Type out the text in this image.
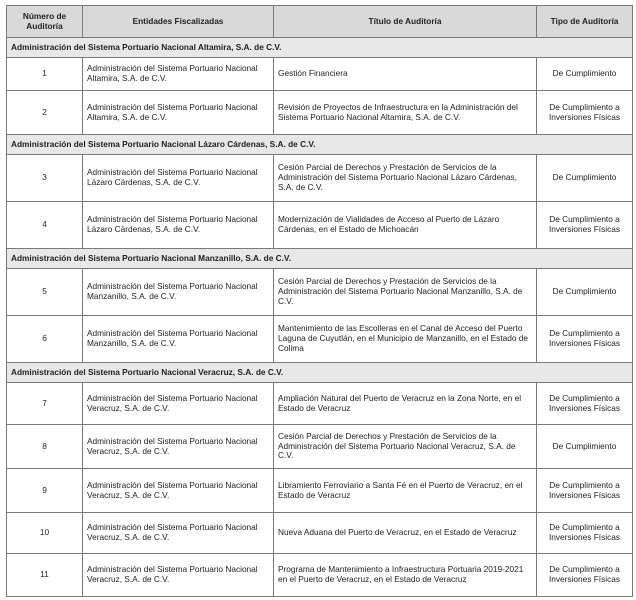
Número de Auditoría	Entidades Fiscalizadas	Título de Auditoría	Tipo de Auditoría
Administración del Sistema Portuario Nacional Altamira, S.A. de C.V.			
1	Administración del Sistema Portuario Nacional Altamira, S.A. de C.V.	Gestión Financiera	De Cumplimiento
2	Administración del Sistema Portuario Nacional Altamira, S.A. de C.V.	Revisión de Proyectos de Infraestructura en la Administración del Sistema Portuario Nacional Altamira, S.A. de C.V.	De Cumplimiento a Inversiones Físicas
Administración del Sistema Portuario Nacional Lázaro Cárdenas, S.A. de C.V.			
3	Administración del Sistema Portuario Nacional Lázaro Cárdenas, S.A. de C.V.	Cesión Parcial de Derechos y Prestación de Servicios de la Administración del Sistema Portuario Nacional Lázaro Cárdenas, S.A. de C.V.	De Cumplimiento
4	Administración del Sistema Portuario Nacional Lázaro Cárdenas, S.A. de C.V.	Modernización de Vialidades de Acceso al Puerto de Lázaro Cárdenas, en el Estado de Michoacán	De Cumplimiento a Inversiones Físicas
Administración del Sistema Portuario Nacional Manzanillo, S.A. de C.V.			
5	Administración del Sistema Portuario Nacional Manzanillo, S.A. de C.V.	Cesión Parcial de Derechos y Prestación de Servicios de la Administración del Sistema Portuario Nacional Manzanillo, S.A. de C.V.	De Cumplimiento
6	Administración del Sistema Portuario Nacional Manzanillo, S.A. de C.V.	Mantenimiento de las Escolleras en el Canal de Acceso del Puerto Laguna de Cuyutlán, en el Municipio de Manzanillo, en el Estado de Colima	De Cumplimiento a Inversiones Físicas
Administración del Sistema Portuario Nacional Veracruz, S.A. de C.V.			
7	Administración del Sistema Portuario Nacional Veracruz, S.A. de C.V.	Ampliación Natural del Puerto de Veracruz en la Zona Norte, en el Estado de Veracruz	De Cumplimiento a Inversiones Físicas
8	Administración del Sistema Portuario Nacional Veracruz, S.A. de C.V.	Cesión Parcial de Derechos y Prestación de Servicios de la Administración del Sistema Portuario Nacional Veracruz, S.A. de C.V.	De Cumplimiento
9	Administración del Sistema Portuario Nacional Veracruz, S.A. de C.V.	Libramiento Ferroviario a Santa Fé en el Puerto de Veracruz, en el Estado de Veracruz	De Cumplimiento a Inversiones Físicas
10	Administración del Sistema Portuario Nacional Veracruz, S.A. de C.V.	Nueva Aduana del Puerto de Veracruz, en el Estado de Veracruz	De Cumplimiento a Inversiones Físicas
11	Administración del Sistema Portuario Nacional Veracruz, S.A. de C.V.	Programa de Mantenimiento a Infraestructura Portuaria 2019-2021 en el Puerto de Veracruz, en el Estado de Veracruz	De Cumplimiento a Inversiones Físicas
